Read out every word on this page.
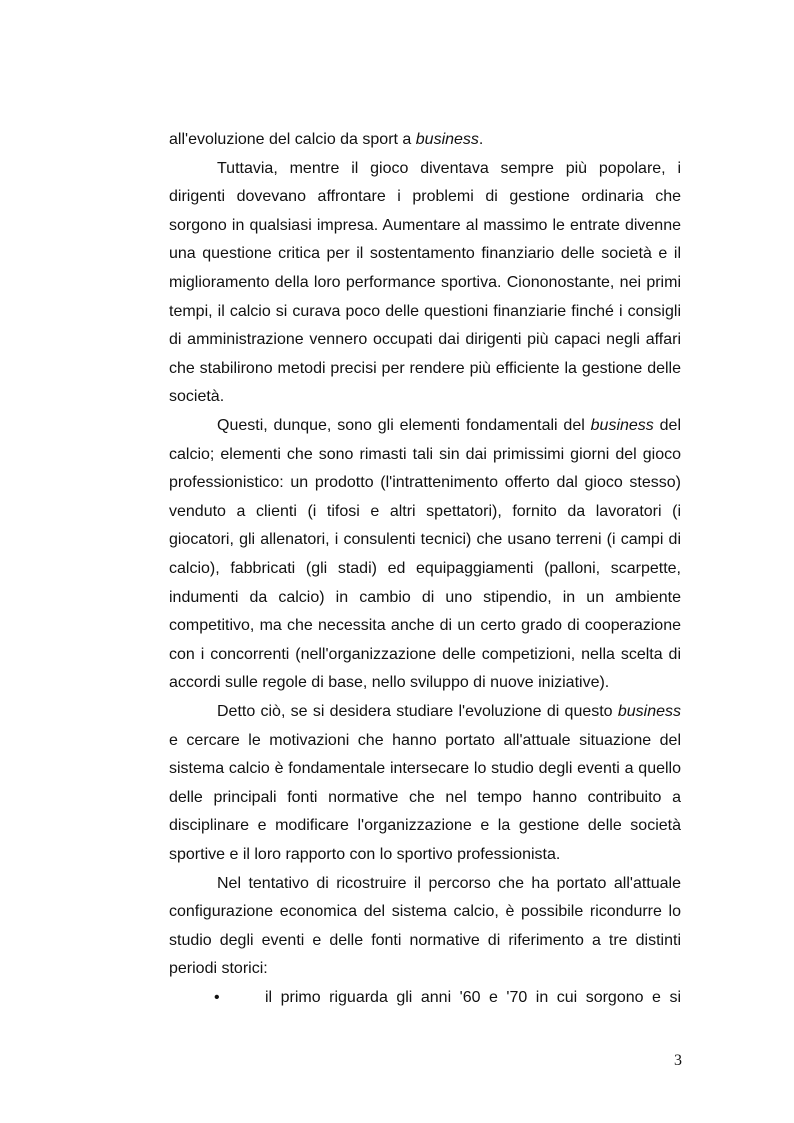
all'evoluzione del calcio da sport a business.
Tuttavia, mentre il gioco diventava sempre più popolare, i
dirigenti dovevano affrontare i problemi di gestione ordinaria che
sorgono in qualsiasi impresa. Aumentare al massimo le entrate divenne
una questione critica per il sostentamento finanziario delle società e il
miglioramento della loro performance sportiva. Ciononostante, nei primi
tempi, il calcio si curava poco delle questioni finanziarie finché i consigli
di amministrazione vennero occupati dai dirigenti più capaci negli affari
che stabilirono metodi precisi per rendere più efficiente la gestione delle
società.
Questi, dunque, sono gli elementi fondamentali del business del
calcio; elementi che sono rimasti tali sin dai primissimi giorni del gioco
professionistico: un prodotto (l'intrattenimento offerto dal gioco stesso)
venduto a clienti (i tifosi e altri spettatori), fornito da lavoratori (i
giocatori, gli allenatori, i consulenti tecnici) che usano terreni (i campi di
calcio), fabbricati (gli stadi) ed equipaggiamenti (palloni, scarpette,
indumenti da calcio) in cambio di uno stipendio, in un ambiente
competitivo, ma che necessita anche di un certo grado di cooperazione
con i concorrenti (nell'organizzazione delle competizioni, nella scelta di
accordi sulle regole di base, nello sviluppo di nuove iniziative).
Detto ciò, se si desidera studiare l'evoluzione di questo business
e cercare le motivazioni che hanno portato all'attuale situazione del
sistema calcio è fondamentale intersecare lo studio degli eventi a quello
delle principali fonti normative che nel tempo hanno contribuito a
disciplinare e modificare l'organizzazione e la gestione delle società
sportive e il loro rapporto con lo sportivo professionista.
Nel tentativo di ricostruire il percorso che ha portato all'attuale
configurazione economica del sistema calcio, è possibile ricondurre lo
studio degli eventi e delle fonti normative di riferimento a tre distinti
periodi storici:
•	il primo riguarda gli anni '60 e '70 in cui sorgono e si
3
